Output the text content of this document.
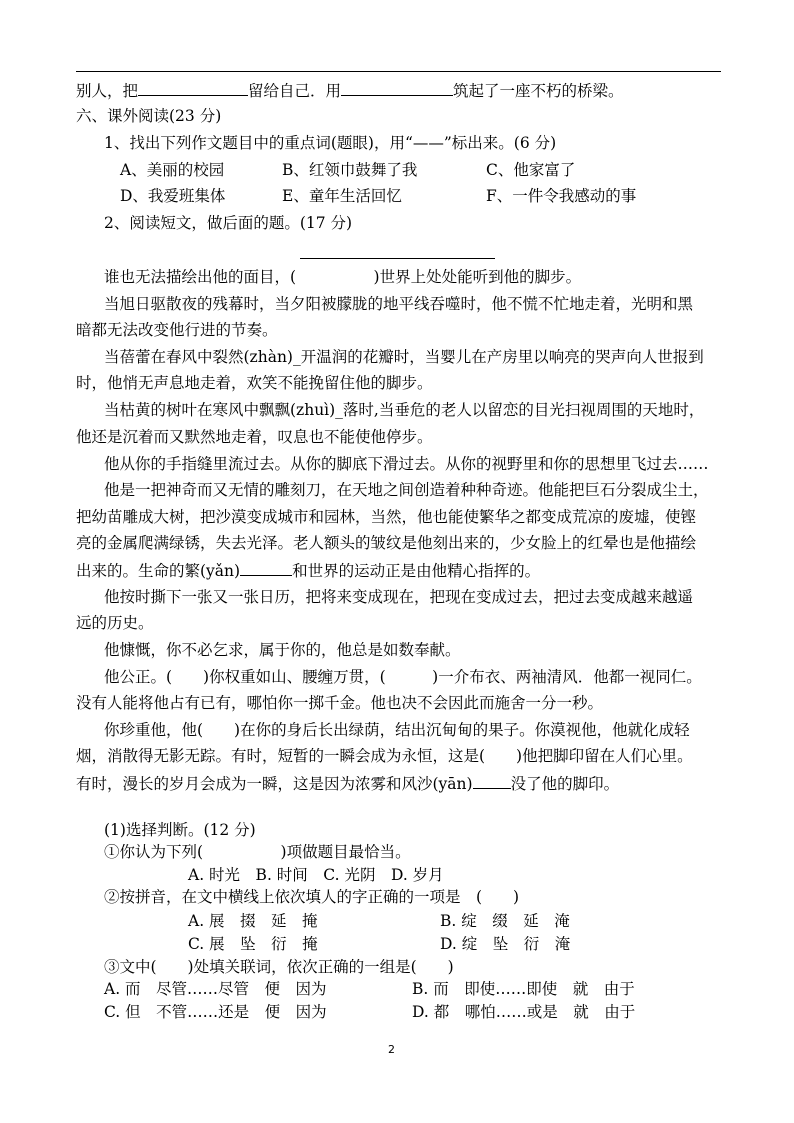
别人，把	留给自己．用	筑起了一座不朽的桥梁。
六、课外阅读(23 分)
1、找出下列作文题目中的重点词(题眼)，用“——”标出来。(6 分)
A、美丽的校园	B、红领巾鼓舞了我	C、他家富了
D、我爱班集体	E、童年生活回忆	F、一件令我感动的事
2、阅读短文，做后面的题。(17 分)
谁也无法描绘出他的面目，(　　　　　)世界上处处能听到他的脚步。
当旭日驱散夜的残幕时，当夕阳被朦胧的地平线吞噬时，他不慌不忙地走着，光明和黑
暗都无法改变他行进的节奏。
当蓓蕾在春风中裂然(zhàn)_开温润的花瓣时，当婴儿在产房里以响亮的哭声向人世报到
时，他悄无声息地走着，欢笑不能挽留住他的脚步。
当枯黄的树叶在寒风中飘飘(zhuì)_落时,当垂危的老人以留恋的目光扫视周围的天地时，
他还是沉着而又默然地走着，叹息也不能使他停步。
他从你的手指缝里流过去。从你的脚底下滑过去。从你的视野里和你的思想里飞过去……
他是一把神奇而又无情的雕刻刀，在天地之间创造着种种奇迹。他能把巨石分裂成尘土，
把幼苗雕成大树，把沙漠变成城市和园林，当然，他也能使繁华之都变成荒凉的废墟，使铿
亮的金属爬满绿锈，失去光泽。老人额头的皱纹是他刻出来的，少女脸上的红晕也是他描绘
出来的。生命的繁(yǎn)	和世界的运动正是由他精心指挥的。
他按时撕下一张又一张日历，把将来变成现在，把现在变成过去，把过去变成越来越遥
远的历史。
他慷慨，你不必乞求，属于你的，他总是如数奉献。
他公正。(　　)你权重如山、腰缠万贯，(　　　)一介布衣、两袖清风．他都一视同仁。
没有人能将他占有已有，哪怕你一掷千金。他也决不会因此而施舍一分一秒。
你珍重他，他(　　)在你的身后长出绿荫，结出沉甸甸的果子。你漠视他，他就化成轻
烟，消散得无影无踪。有时，短暂的一瞬会成为永恒，这是(　　)他把脚印留在人们心里。
有时，漫长的岁月会成为一瞬，这是因为浓雾和风沙(yān) 没了他的脚印。
(1)选择判断。(12 分)
①你认为下列(　　　　　)项做题目最恰当。
A. 时光　B. 时间　C. 光阴　D. 岁月
②按拼音，在文中横线上依次填人的字正确的一项是　(　　)
A. 展　掇　延　掩	B. 绽　缀　延　淹
C. 展　坠　衍　掩	D. 绽　坠　衍　淹
③文中(　　)处填关联词，依次正确的一组是(　　)
A. 而　尽管……尽管　便　因为	B. 而　即使……即使　就　由于
C. 但　不管……还是　便　因为	D. 都　哪怕……或是　就　由于
2
